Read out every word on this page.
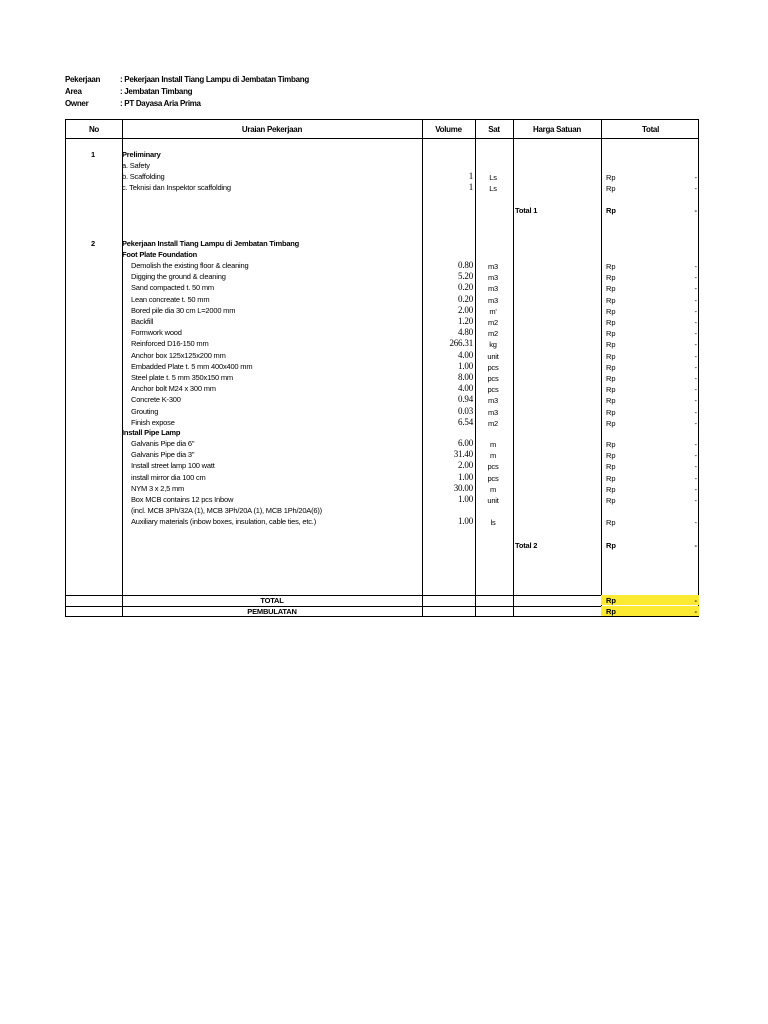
Pekerjaan : Pekerjaan Install Tiang Lampu di Jembatan Timbang
Area	: Jembatan Timbang
Owner	: PT Dayasa Aria Prima
No	Uraian Pekerjaan	Volume	Sat	Harga Satuan	Total
1	Preliminary
a. Safety
b. Scaffolding	1	Ls	Rp	-
c. Teknisi dan Inspektor scaffolding	1	Ls	Rp	-
Total 1	Rp	-
2	Pekerjaan Install Tiang Lampu di Jembatan Timbang
Foot Plate Foundation
Demolish the existing floor & cleaning	0.80	m3	Rp	-
Digging the ground & cleaning	5.20	m3	Rp	-
Sand compacted t. 50 mm	0.20	m3	Rp	-
Lean concreate t. 50 mm	0.20	m3	Rp	-
Bored pile dia 30 cm L=2000 mm	2.00	m'	Rp	-
Backfill	1.20	m2	Rp	-
Formwork wood	4.80	m2	Rp	-
Reinforced D16-150 mm	266.31	kg	Rp	-
Anchor box 125x125x200 mm	4.00	unit	Rp	-
Embadded Plate t. 5 mm 400x400 mm	1.00	pcs	Rp	-
Steel plate t. 5 mm 350x150 mm	8.00	pcs	Rp	-
Anchor bolt M24 x 300 mm	4.00	pcs	Rp	-
Concrete K-300	0.94	m3	Rp	-
Grouting	0.03	m3	Rp	-
Finish expose	6.54	m2	Rp	-
Install Pipe Lamp
Galvanis Pipe dia 6"	6.00	m	Rp	-
Galvanis Pipe dia 3"	31.40	m	Rp	-
Install street lamp 100 watt	2.00	pcs	Rp	-
install mirror dia 100 cm	1.00	pcs	Rp	-
NYM 3 x 2,5 mm	30.00	m	Rp	-
Box MCB contains 12 pcs Inbow	1.00	unit	Rp	-
(incl. MCB 3Ph/32A (1), MCB 3Ph/20A (1), MCB 1Ph/20A(6))
Auxiliary materials (inbow boxes, insulation, cable ties, etc.)	1.00	ls	Rp	-
Total 2	Rp	-
TOTAL	Rp	-
PEMBULATAN	Rp	-
